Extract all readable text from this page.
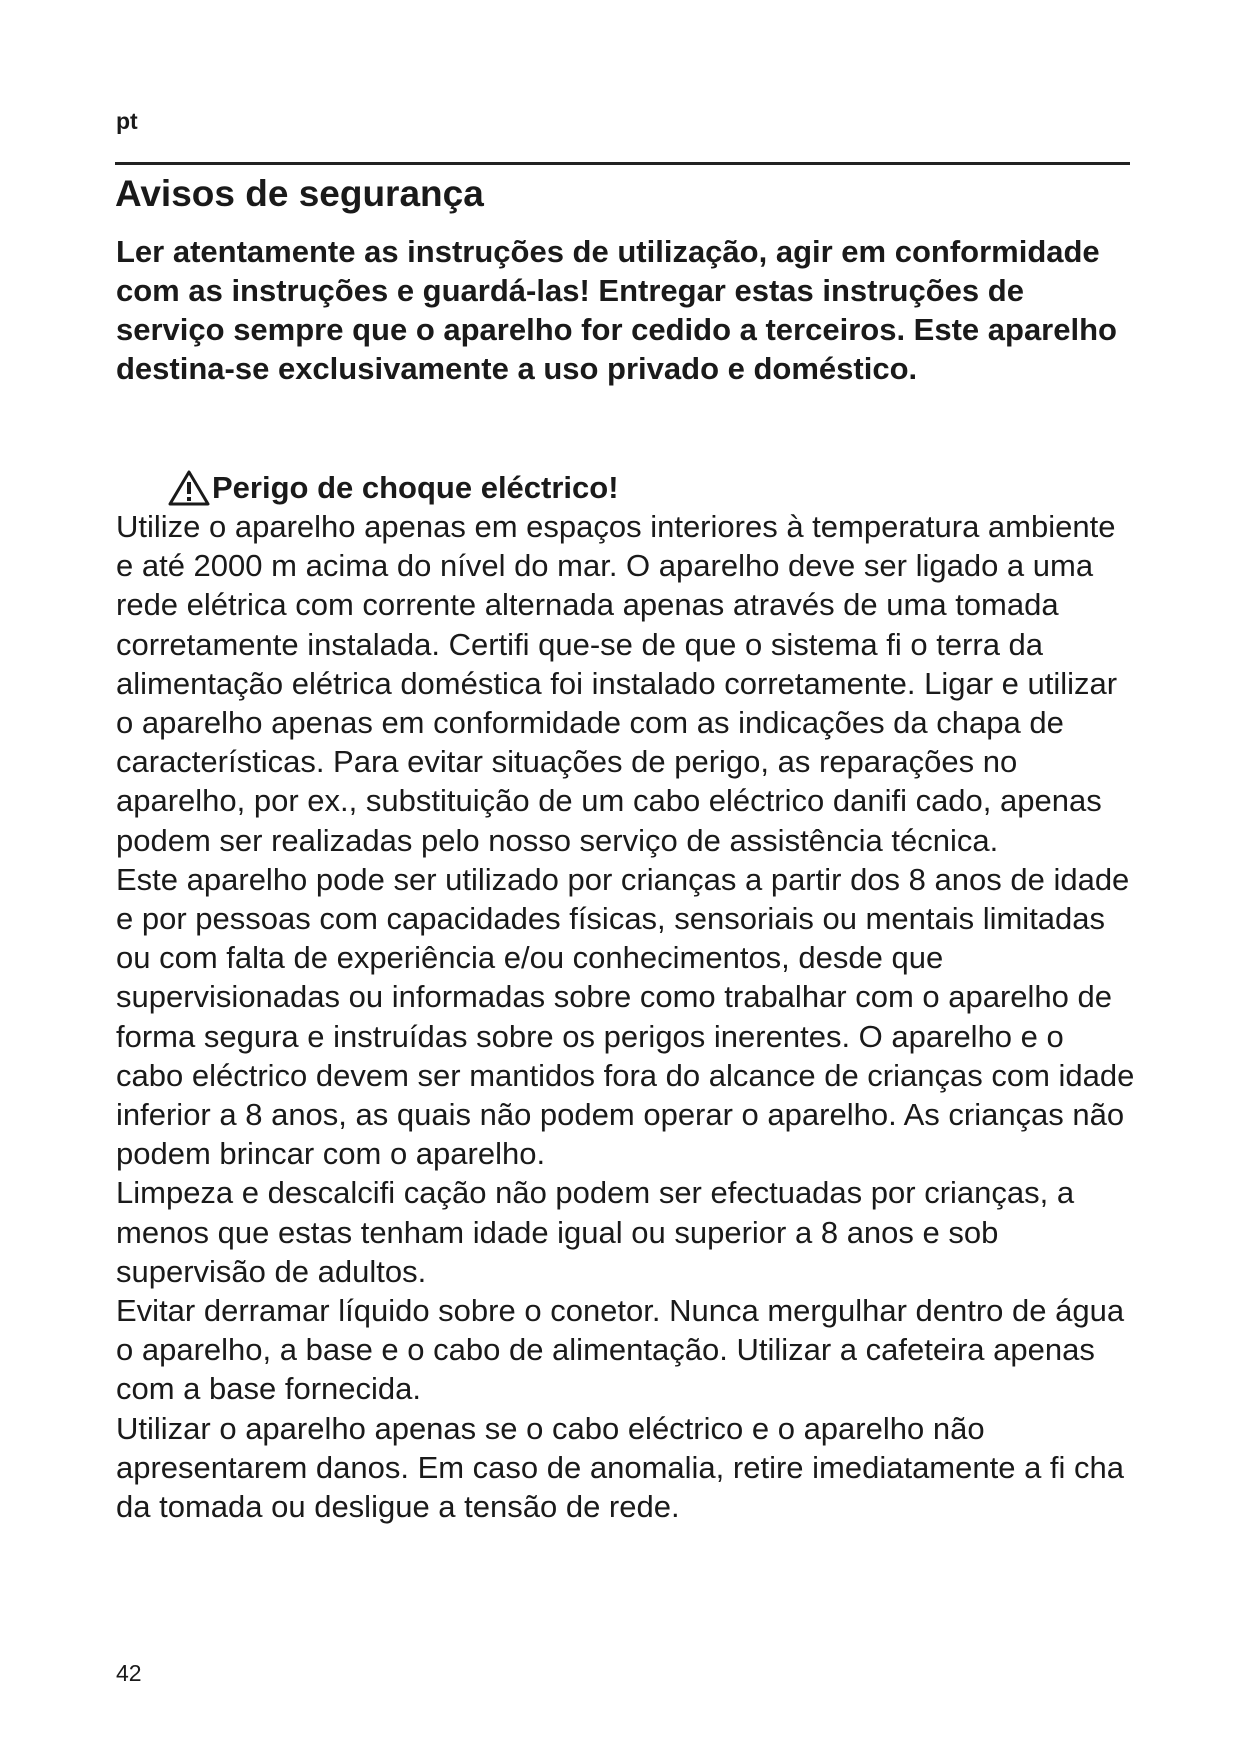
pt

Avisos de segurança

Ler atentamente as instruções de utilização, agir em conformidade com as instruções e guardá-las! Entregar estas instruções de serviço sempre que o aparelho for cedido a terceiros. Este aparelho destina-se exclusivamente a uso privado e doméstico.

Perigo de choque eléctrico!

Utilize o aparelho apenas em espaços interiores à temperatura ambiente e até 2000 m acima do nível do mar. O aparelho deve ser ligado a uma rede elétrica com corrente alternada apenas através de uma tomada corretamente instalada. Certifi que-se de que o sistema fi o terra da alimentação elétrica doméstica foi instalado corretamente. Ligar e utilizar o aparelho apenas em conformidade com as indicações da chapa de características. Para evitar situações de perigo, as reparações no aparelho, por ex., substituição de um cabo eléctrico danifi cado, apenas podem ser realizadas pelo nosso serviço de assistência técnica.

Este aparelho pode ser utilizado por crianças a partir dos 8 anos de idade e por pessoas com capacidades físicas, sensoriais ou mentais limitadas ou com falta de experiência e/ou conhecimentos, desde que supervisionadas ou informadas sobre como trabalhar com o aparelho de forma segura e instruídas sobre os perigos inerentes. O aparelho e o cabo eléctrico devem ser mantidos fora do alcance de crianças com idade inferior a 8 anos, as quais não podem operar o aparelho. As crianças não podem brincar com o aparelho.

Limpeza e descalcifi cação não podem ser efectuadas por crianças, a menos que estas tenham idade igual ou superior a 8 anos e sob supervisão de adultos.

Evitar derramar líquido sobre o conetor. Nunca mergulhar dentro de água o aparelho, a base e o cabo de alimentação. Utilizar a cafeteira apenas com a base fornecida.

Utilizar o aparelho apenas se o cabo eléctrico e o aparelho não apresentarem danos. Em caso de anomalia, retire imediatamente a fi cha da tomada ou desligue a tensão de rede.

42
